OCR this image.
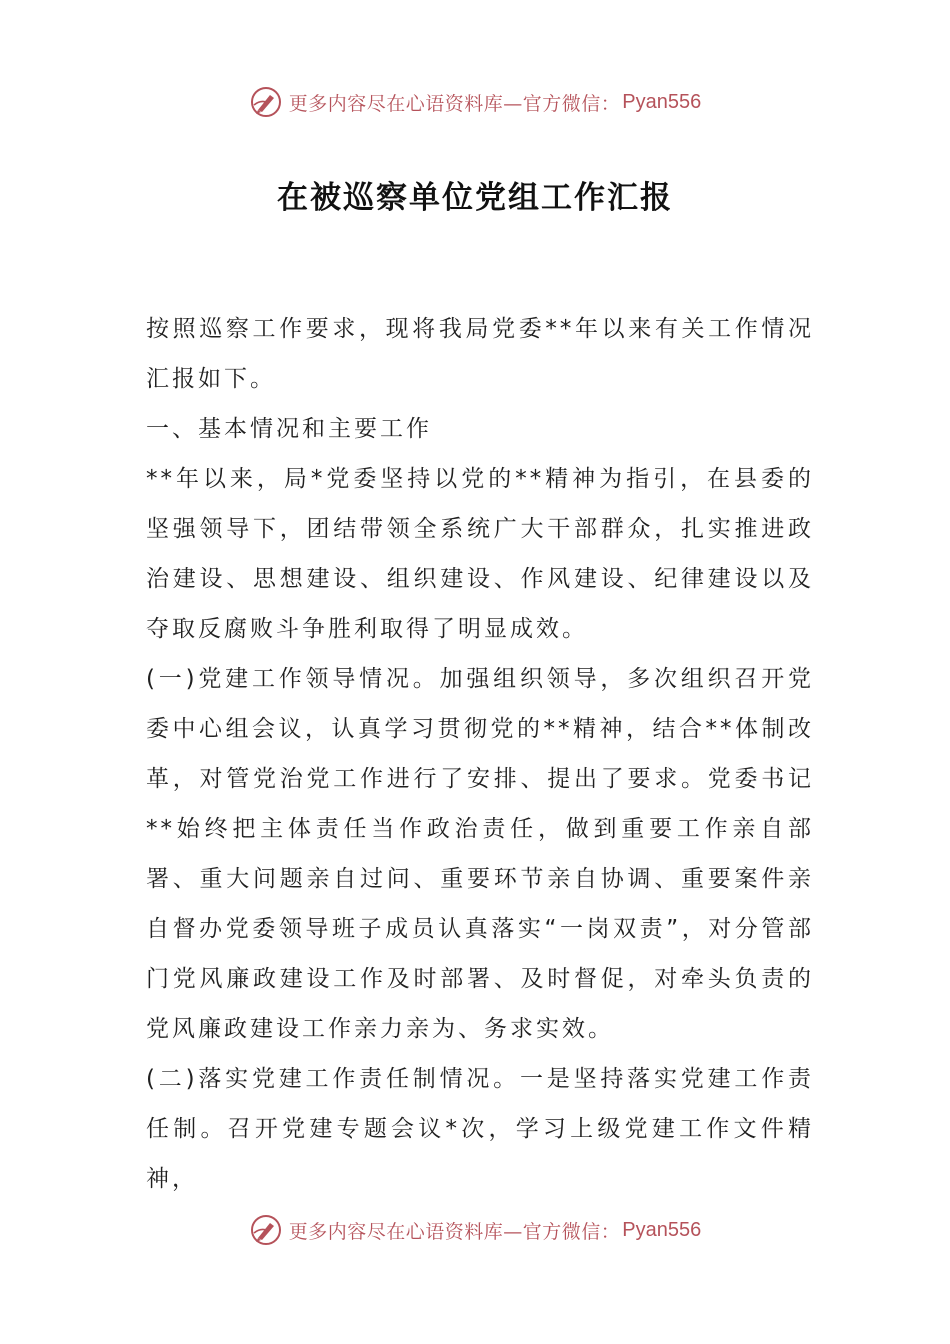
更多内容尽在心语资料库—官方微信： Pyan556
在被巡察单位党组工作汇报

按照巡察工作要求，现将我局党委**年以来有关工作情况汇报如下。

一、基本情况和主要工作

**年以来，局*党委坚持以党的**精神为指引，在县委的坚强领导下，团结带领全系统广大干部群众，扎实推进政治建设、思想建设、组织建设、作风建设、纪律建设以及夺取反腐败斗争胜利取得了明显成效。

(一)党建工作领导情况。加强组织领导，多次组织召开党委中心组会议，认真学习贯彻党的**精神，结合**体制改革，对管党治党工作进行了安排、提出了要求。党委书记**始终把主体责任当作政治责任，做到重要工作亲自部署、重大问题亲自过问、重要环节亲自协调、重要案件亲自督办党委领导班子成员认真落实“一岗双责”，对分管部门党风廉政建设工作及时部署、及时督促，对牵头负责的党风廉政建设工作亲力亲为、务求实效。

(二)落实党建工作责任制情况。一是坚持落实党建工作责任制。召开党建专题会议*次，学习上级党建工作文件精神，

更多内容尽在心语资料库—官方微信： Pyan556
